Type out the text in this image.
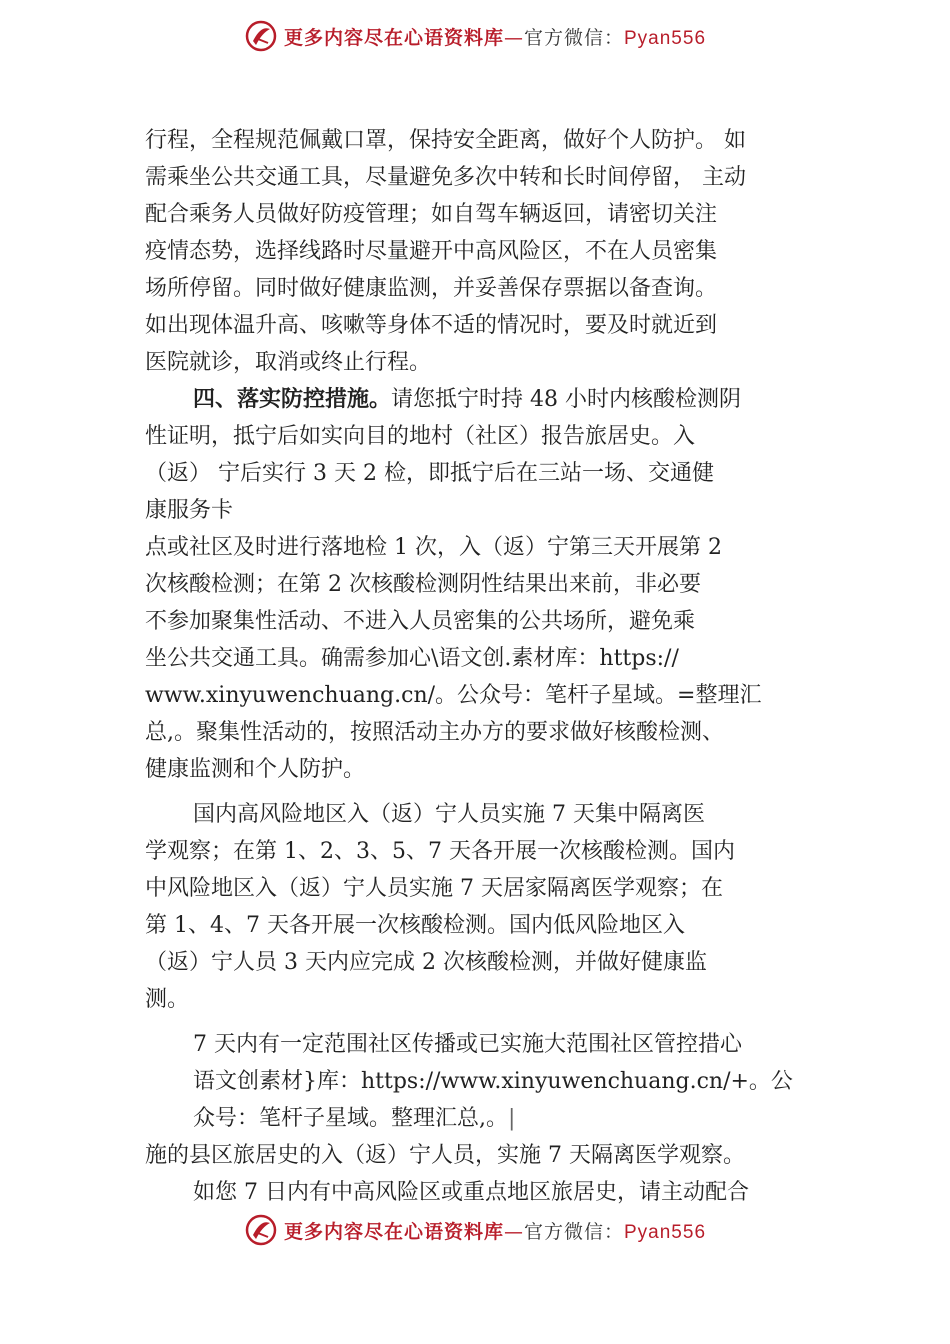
更多内容尽在心语资料库—官方微信：Pyan556
行程，全程规范佩戴口罩，保持安全距离，做好个人防护。 如
需乘坐公共交通工具，尽量避免多次中转和长时间停留， 主动
配合乘务人员做好防疫管理；如自驾车辆返回，请密切关注
疫情态势，选择线路时尽量避开中高风险区，不在人员密集
场所停留。同时做好健康监测，并妥善保存票据以备查询。
如出现体温升高、咳嗽等身体不适的情况时，要及时就近到
医院就诊，取消或终止行程。
四、落实防控措施。请您抵宁时持 48 小时内核酸检测阴
性证明，抵宁后如实向目的地村（社区）报告旅居史。入
（返） 宁后实行 3 天 2 检，即抵宁后在三站一场、交通健
康服务卡
点或社区及时进行落地检 1 次，入（返）宁第三天开展第 2
次核酸检测；在第 2 次核酸检测阴性结果出来前，非必要
不参加聚集性活动、不进入人员密集的公共场所，避免乘
坐公共交通工具。确需参加心\语文创.素材库：https://
www.xinyuwenchuang.cn/。公众号：笔杆子星域。=整理汇
总,。聚集性活动的，按照活动主办方的要求做好核酸检测、
健康监测和个人防护。
国内高风险地区入（返）宁人员实施 7 天集中隔离医
学观察；在第 1、2、3、5、7 天各开展一次核酸检测。国内
中风险地区入（返）宁人员实施 7 天居家隔离医学观察；在
第 1、4、7 天各开展一次核酸检测。国内低风险地区入
（返）宁人员 3 天内应完成 2 次核酸检测，并做好健康监
测。
7 天内有一定范围社区传播或已实施大范围社区管控措心
语文创素材}库：https://www.xinyuwenchuang.cn/+。公
众号：笔杆子星域。整理汇总,。|
施的县区旅居史的入（返）宁人员，实施 7 天隔离医学观察。
如您 7 日内有中高风险区或重点地区旅居史，请主动配合
更多内容尽在心语资料库—官方微信：Pyan556
